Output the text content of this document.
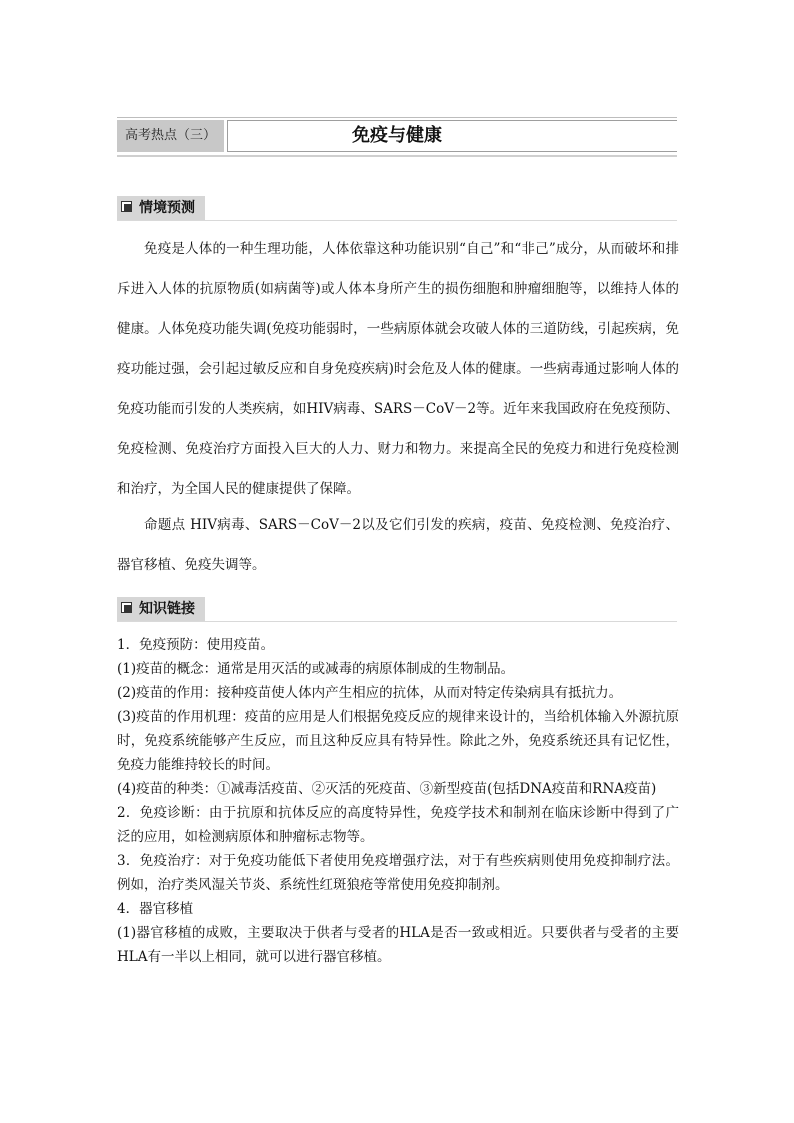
高考热点（三）	免疫与健康
情境预测
免疫是人体的一种生理功能，人体依靠这种功能识别“自己”和“非己”成分，从而破坏和排斥进入人体的抗原物质(如病菌等)或人体本身所产生的损伤细胞和肿瘤细胞等，以维持人体的健康。人体免疫功能失调(免疫功能弱时，一些病原体就会攻破人体的三道防线，引起疾病，免疫功能过强，会引起过敏反应和自身免疫疾病)时会危及人体的健康。一些病毒通过影响人体的免疫功能而引发的人类疾病，如HIV病毒、SARS－CoV－2等。近年来我国政府在免疫预防、免疫检测、免疫治疗方面投入巨大的人力、财力和物力。来提高全民的免疫力和进行免疫检测和治疗，为全国人民的健康提供了保障。
命题点 HIV病毒、SARS－CoV－2以及它们引发的疾病，疫苗、免疫检测、免疫治疗、器官移植、免疫失调等。
知识链接

1．免疫预防：使用疫苗。

(1)疫苗的概念：通常是用灭活的或减毒的病原体制成的生物制品。

(2)疫苗的作用：接种疫苗使人体内产生相应的抗体，从而对特定传染病具有抵抗力。

(3)疫苗的作用机理：疫苗的应用是人们根据免疫反应的规律来设计的，当给机体输入外源抗原时，免疫系统能够产生反应，而且这种反应具有特异性。除此之外，免疫系统还具有记忆性，免疫力能维持较长的时间。

(4)疫苗的种类：①减毒活疫苗、②灭活的死疫苗、③新型疫苗(包括DNA疫苗和RNA疫苗)

2．免疫诊断：由于抗原和抗体反应的高度特异性，免疫学技术和制剂在临床诊断中得到了广泛的应用，如检测病原体和肿瘤标志物等。

3．免疫治疗：对于免疫功能低下者使用免疫增强疗法，对于有些疾病则使用免疫抑制疗法。例如，治疗类风湿关节炎、系统性红斑狼疮等常使用免疫抑制剂。

4．器官移植

(1)器官移植的成败，主要取决于供者与受者的HLA是否一致或相近。只要供者与受者的主要HLA有一半以上相同，就可以进行器官移植。
